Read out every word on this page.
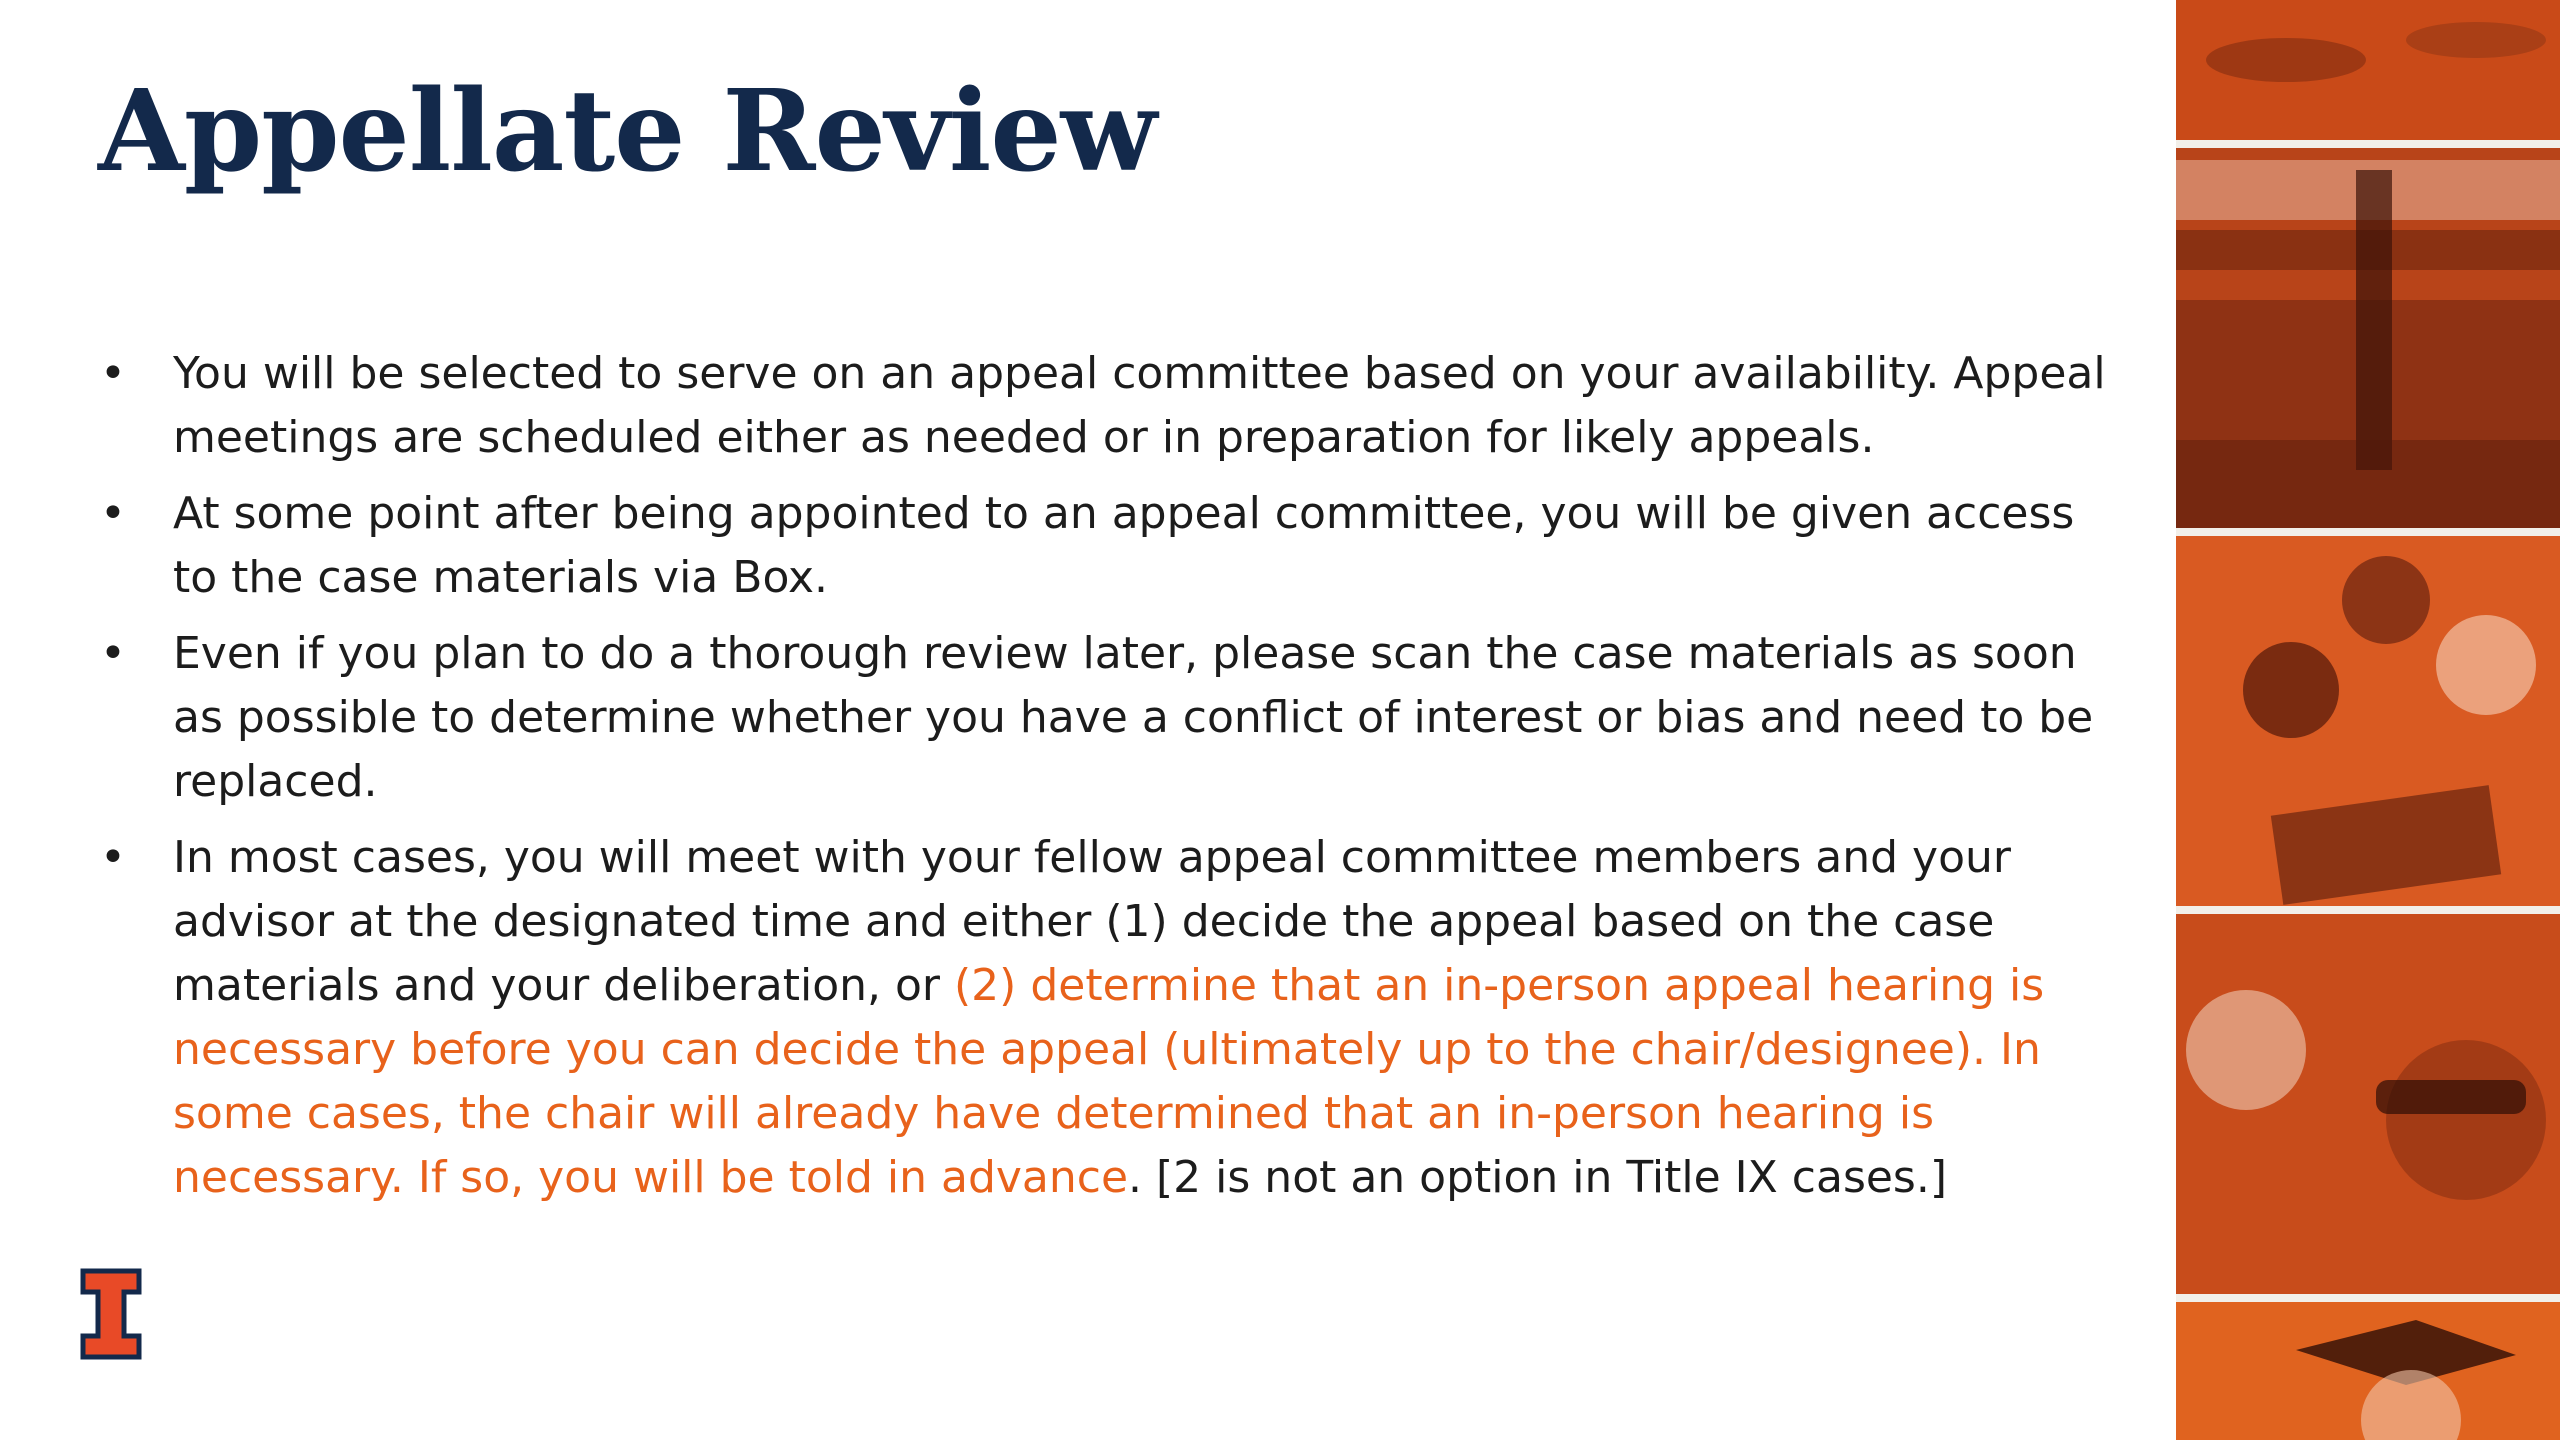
Appellate Review
• You will be selected to serve on an appeal committee based on your availability. Appeal meetings are scheduled either as needed or in preparation for likely appeals.
• At some point after being appointed to an appeal committee, you will be given access to the case materials via Box.
• Even if you plan to do a thorough review later, please scan the case materials as soon as possible to determine whether you have a conflict of interest or bias and need to be replaced.
• In most cases, you will meet with your fellow appeal committee members and your advisor at the designated time and either (1) decide the appeal based on the case materials and your deliberation, or (2) determine that an in-person appeal hearing is necessary before you can decide the appeal (ultimately up to the chair/designee). In some cases, the chair will already have determined that an in-person hearing is necessary. If so, you will be told in advance. [2 is not an option in Title IX cases.]
